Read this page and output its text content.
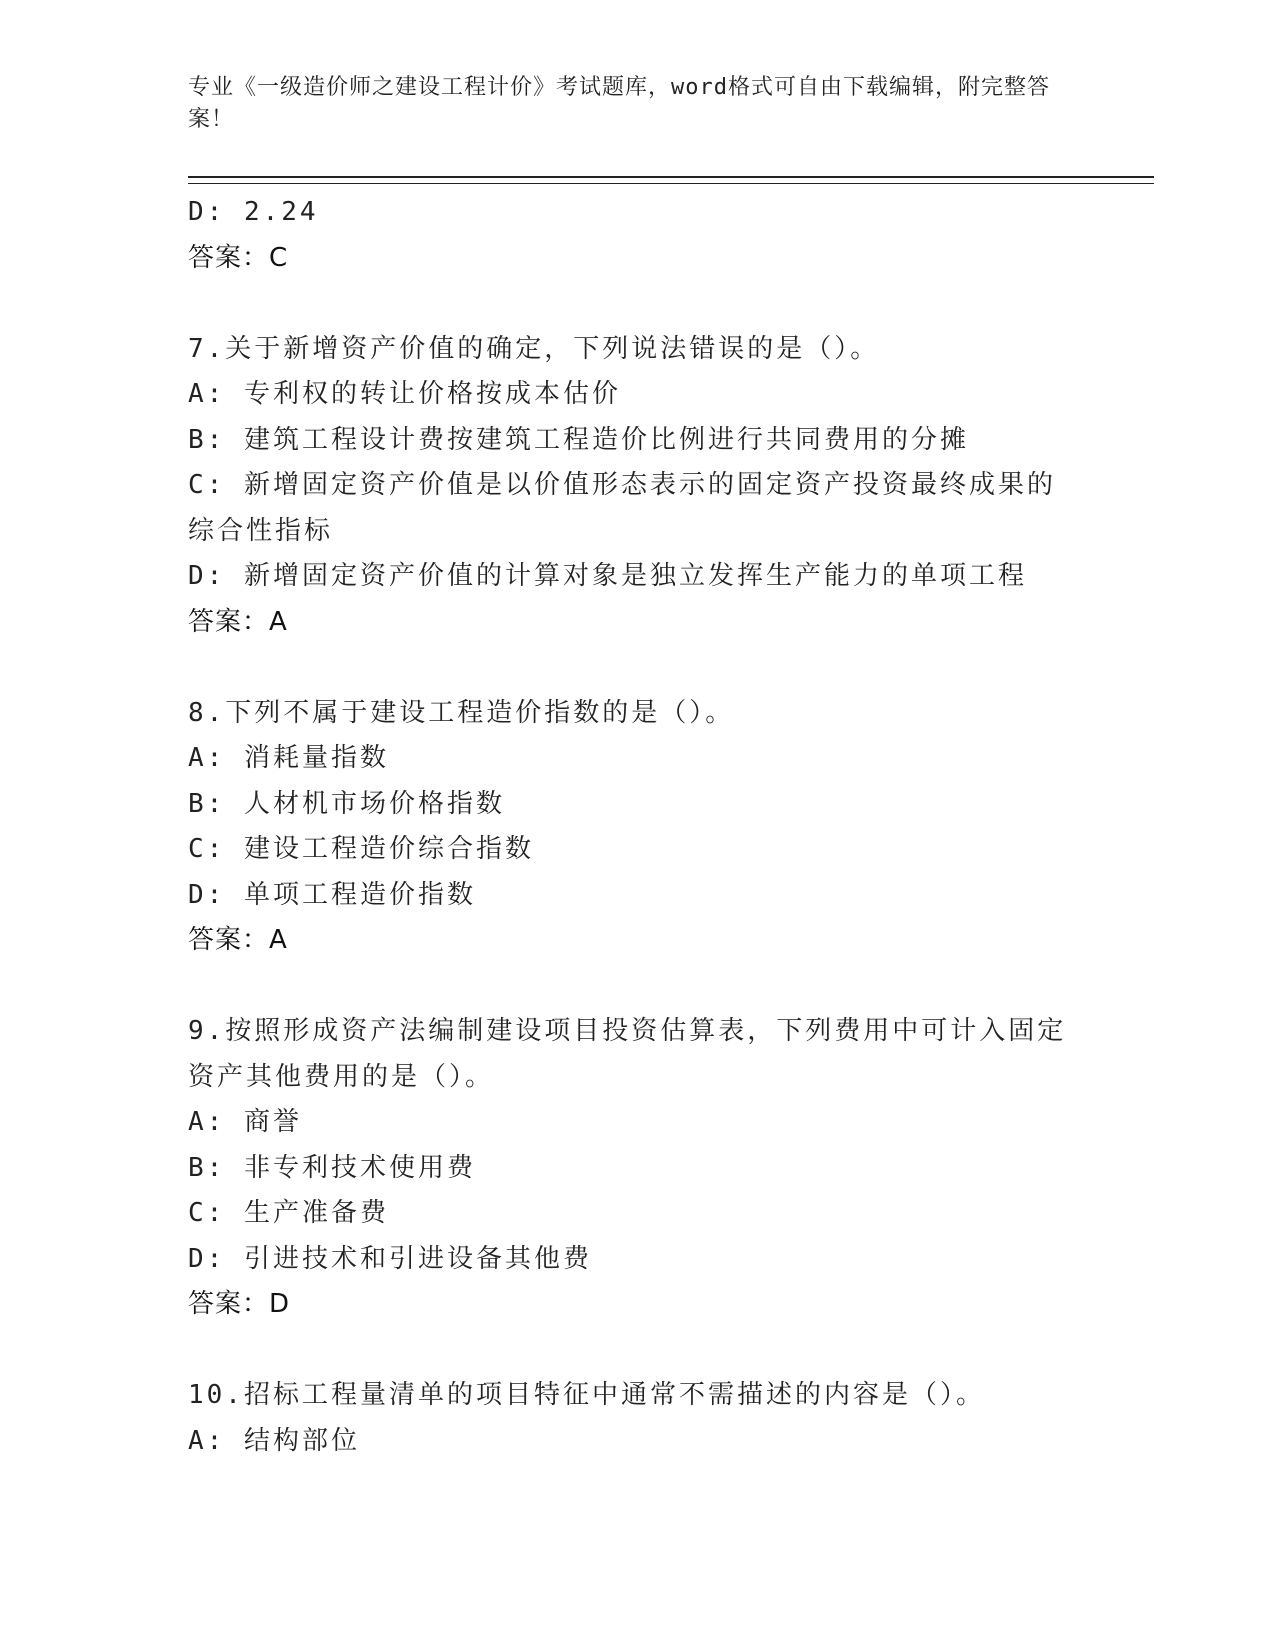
专业《一级造价师之建设工程计价》考试题库，word格式可自由下载编辑，附完整答案！
D: 2.24
答案：C
7.关于新增资产价值的确定，下列说法错误的是（）。
A: 专利权的转让价格按成本估价
B: 建筑工程设计费按建筑工程造价比例进行共同费用的分摊
C: 新增固定资产价值是以价值形态表示的固定资产投资最终成果的综合性指标
D: 新增固定资产价值的计算对象是独立发挥生产能力的单项工程
答案：A
8.下列不属于建设工程造价指数的是（）。
A: 消耗量指数
B: 人材机市场价格指数
C: 建设工程造价综合指数
D: 单项工程造价指数
答案：A
9.按照形成资产法编制建设项目投资估算表，下列费用中可计入固定资产其他费用的是（）。
A: 商誉
B: 非专利技术使用费
C: 生产准备费
D: 引进技术和引进设备其他费
答案：D
10.招标工程量清单的项目特征中通常不需描述的内容是（）。
A: 结构部位
